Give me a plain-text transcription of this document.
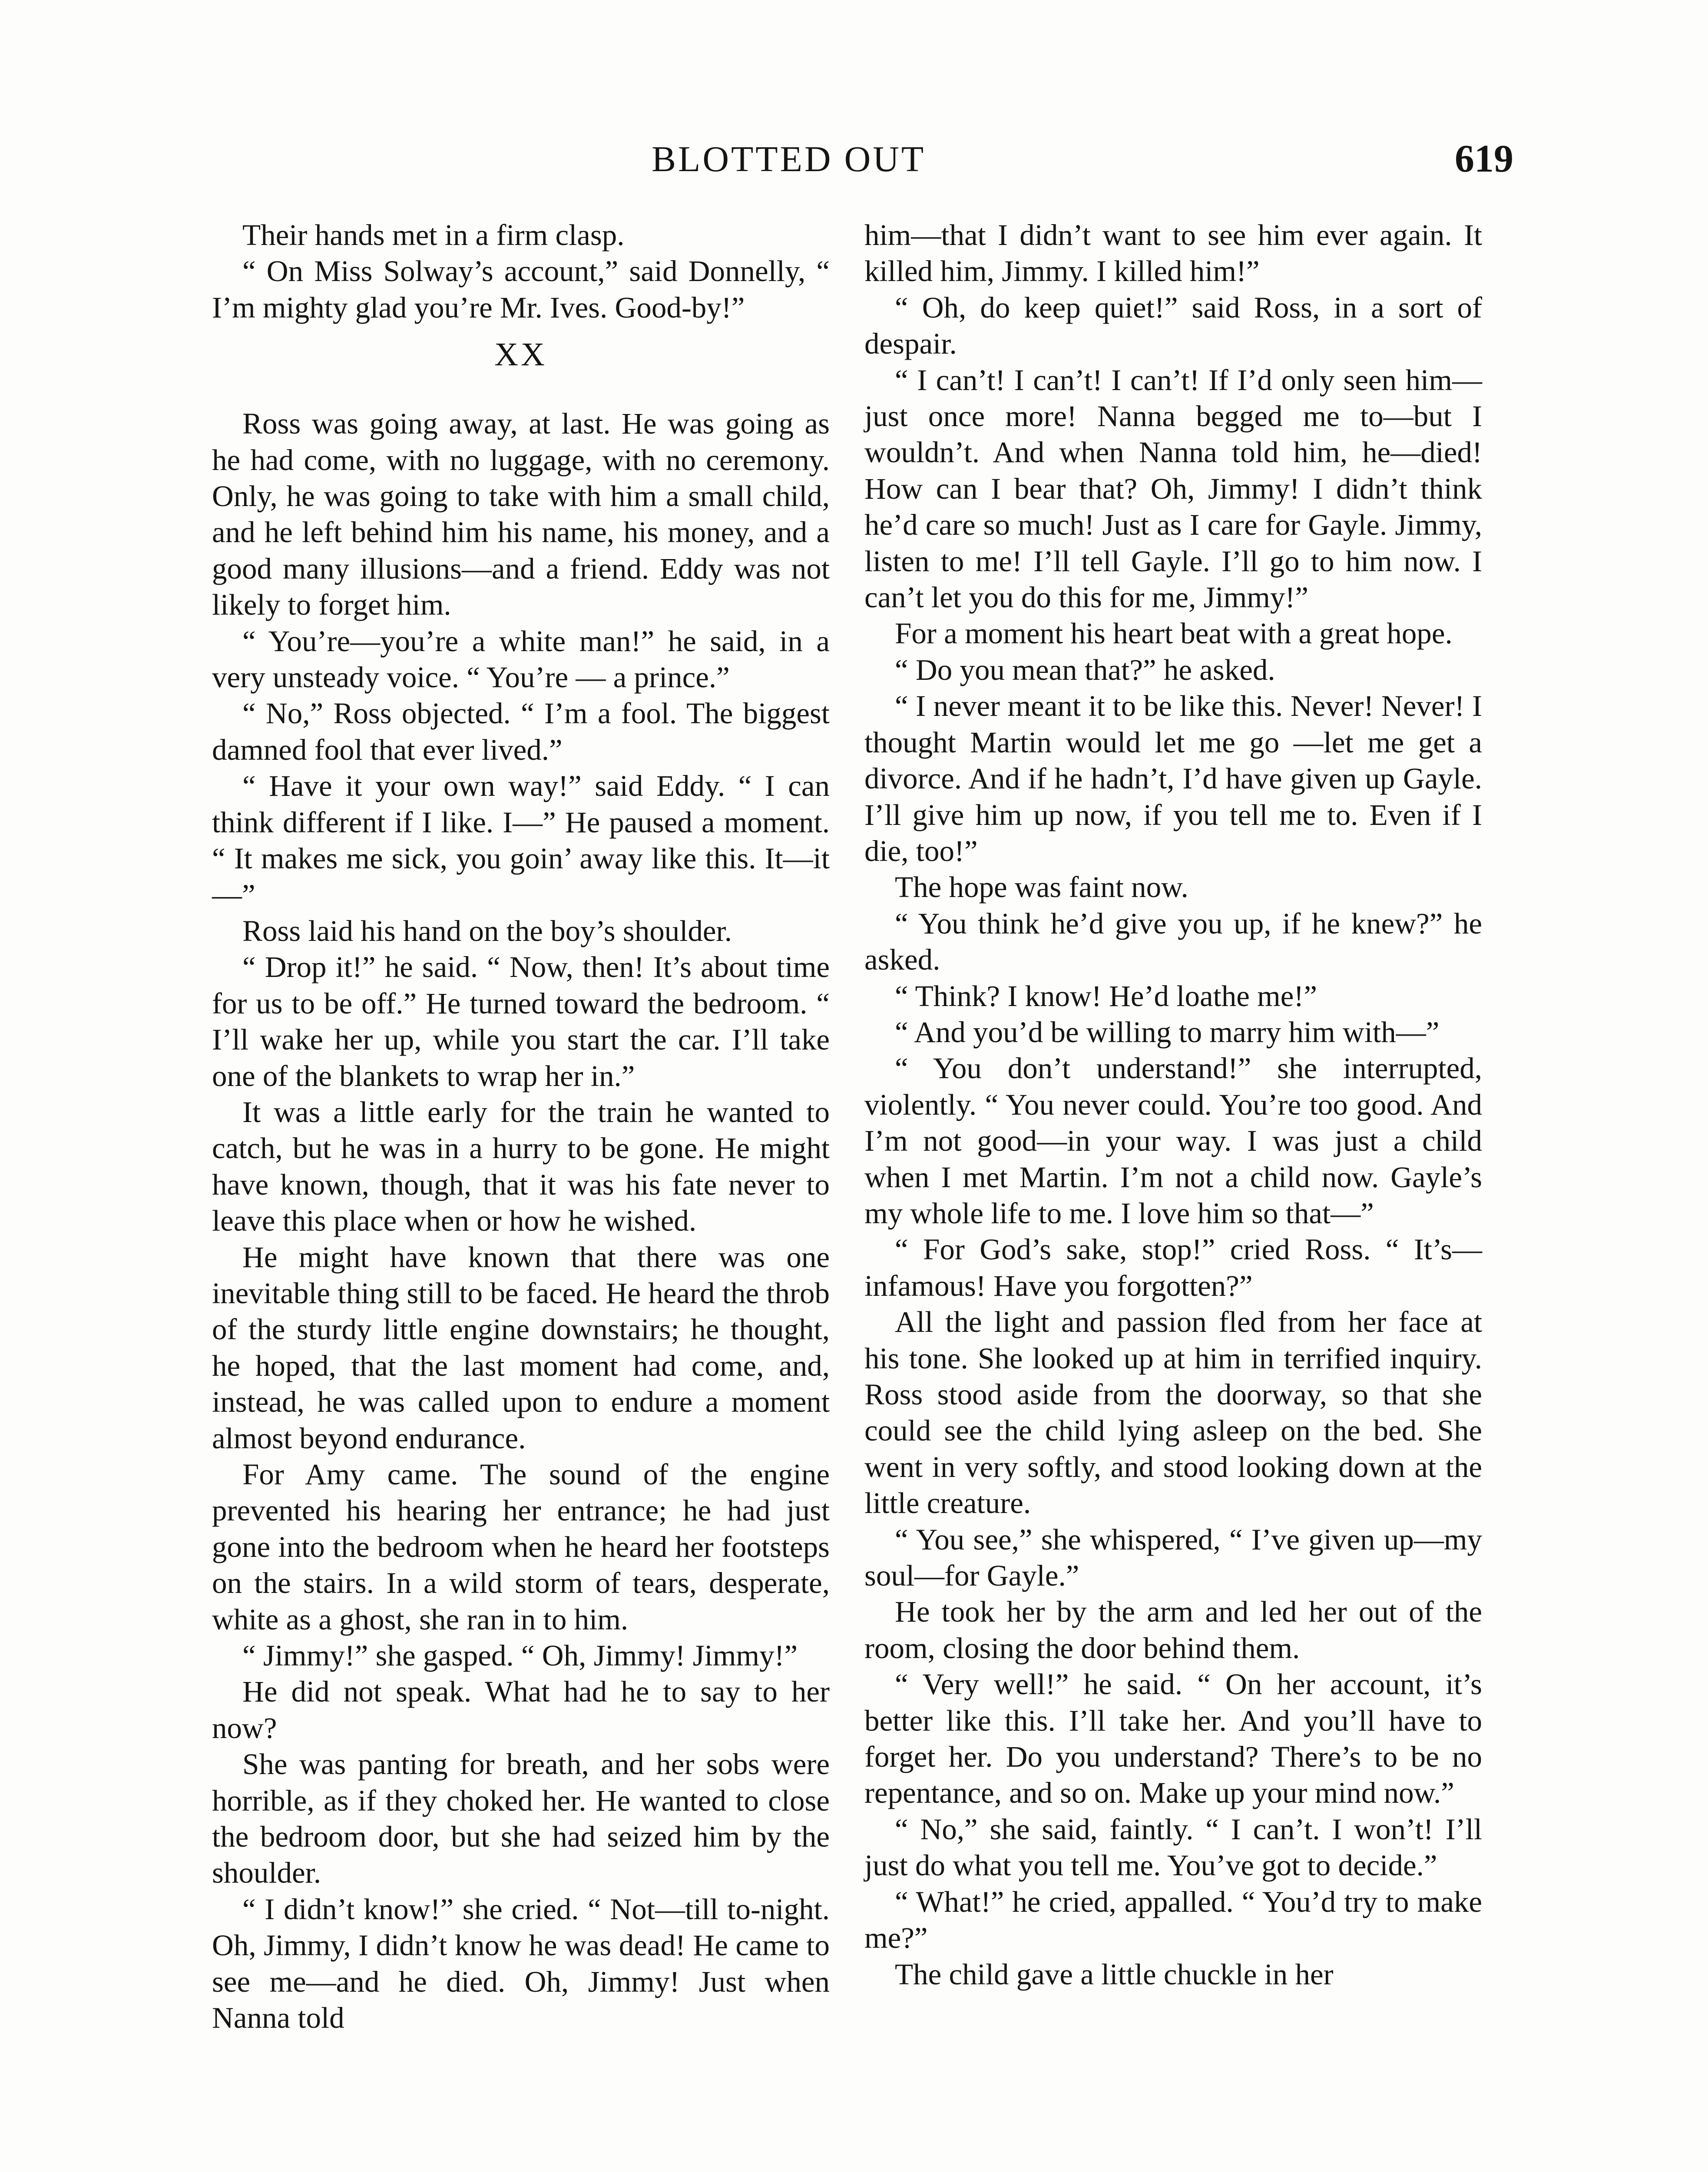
BLOTTED OUT	619

Their hands met in a firm clasp.

“ On Miss Solway’s account,” said Donnelly, “ I’m mighty glad you’re Mr. Ives. Good-by!”

XX

Ross was going away, at last. He was going as he had come, with no luggage, with no ceremony. Only, he was going to take with him a small child, and he left behind him his name, his money, and a good many illusions—and a friend. Eddy was not likely to forget him.

“ You’re—you’re a white man!” he said, in a very unsteady voice. “ You’re — a prince.”

“ No,” Ross objected. “ I’m a fool. The biggest damned fool that ever lived.”

“ Have it your own way!” said Eddy. “ I can think different if I like. I—” He paused a moment. “ It makes me sick, you goin’ away like this. It—it—”

Ross laid his hand on the boy’s shoulder.

“ Drop it!” he said. “ Now, then! It’s about time for us to be off.” He turned toward the bedroom. “ I’ll wake her up, while you start the car. I’ll take one of the blankets to wrap her in.”

It was a little early for the train he wanted to catch, but he was in a hurry to be gone. He might have known, though, that it was his fate never to leave this place when or how he wished.

He might have known that there was one inevitable thing still to be faced. He heard the throb of the sturdy little engine downstairs; he thought, he hoped, that the last moment had come, and, instead, he was called upon to endure a moment almost beyond endurance.

For Amy came. The sound of the engine prevented his hearing her entrance; he had just gone into the bedroom when he heard her footsteps on the stairs. In a wild storm of tears, desperate, white as a ghost, she ran in to him.

“ Jimmy!” she gasped. “ Oh, Jimmy! Jimmy!”

He did not speak. What had he to say to her now?

She was panting for breath, and her sobs were horrible, as if they choked her. He wanted to close the bedroom door, but she had seized him by the shoulder.

“ I didn’t know!” she cried. “ Not—till to-night. Oh, Jimmy, I didn’t know he was dead! He came to see me—and he died. Oh, Jimmy! Just when Nanna told

him—that I didn’t want to see him ever again. It killed him, Jimmy. I killed him!”

“ Oh, do keep quiet!” said Ross, in a sort of despair.

“ I can’t! I can’t! I can’t! If I’d only seen him—just once more! Nanna begged me to—but I wouldn’t. And when Nanna told him, he—died! How can I bear that? Oh, Jimmy! I didn’t think he’d care so much! Just as I care for Gayle. Jimmy, listen to me! I’ll tell Gayle. I’ll go to him now. I can’t let you do this for me, Jimmy!”

For a moment his heart beat with a great hope.

“ Do you mean that?” he asked.

“ I never meant it to be like this. Never! Never! I thought Martin would let me go —let me get a divorce. And if he hadn’t, I’d have given up Gayle. I’ll give him up now, if you tell me to. Even if I die, too!”

The hope was faint now.

“ You think he’d give you up, if he knew?” he asked.

“ Think? I know! He’d loathe me!”

“ And you’d be willing to marry him with—”

“ You don’t understand!” she interrupted, violently. “ You never could. You’re too good. And I’m not good—in your way. I was just a child when I met Martin. I’m not a child now. Gayle’s my whole life to me. I love him so that—”

“ For God’s sake, stop!” cried Ross. “ It’s—infamous! Have you forgotten?”

All the light and passion fled from her face at his tone. She looked up at him in terrified inquiry. Ross stood aside from the doorway, so that she could see the child lying asleep on the bed. She went in very softly, and stood looking down at the little creature.

“ You see,” she whispered, “ I’ve given up—my soul—for Gayle.”

He took her by the arm and led her out of the room, closing the door behind them.

“ Very well!” he said. “ On her account, it’s better like this. I’ll take her. And you’ll have to forget her. Do you understand? There’s to be no repentance, and so on. Make up your mind now.”

“ No,” she said, faintly. “ I can’t. I won’t! I’ll just do what you tell me. You’ve got to decide.”

“ What!” he cried, appalled. “ You’d try to make me?”

The child gave a little chuckle in her
